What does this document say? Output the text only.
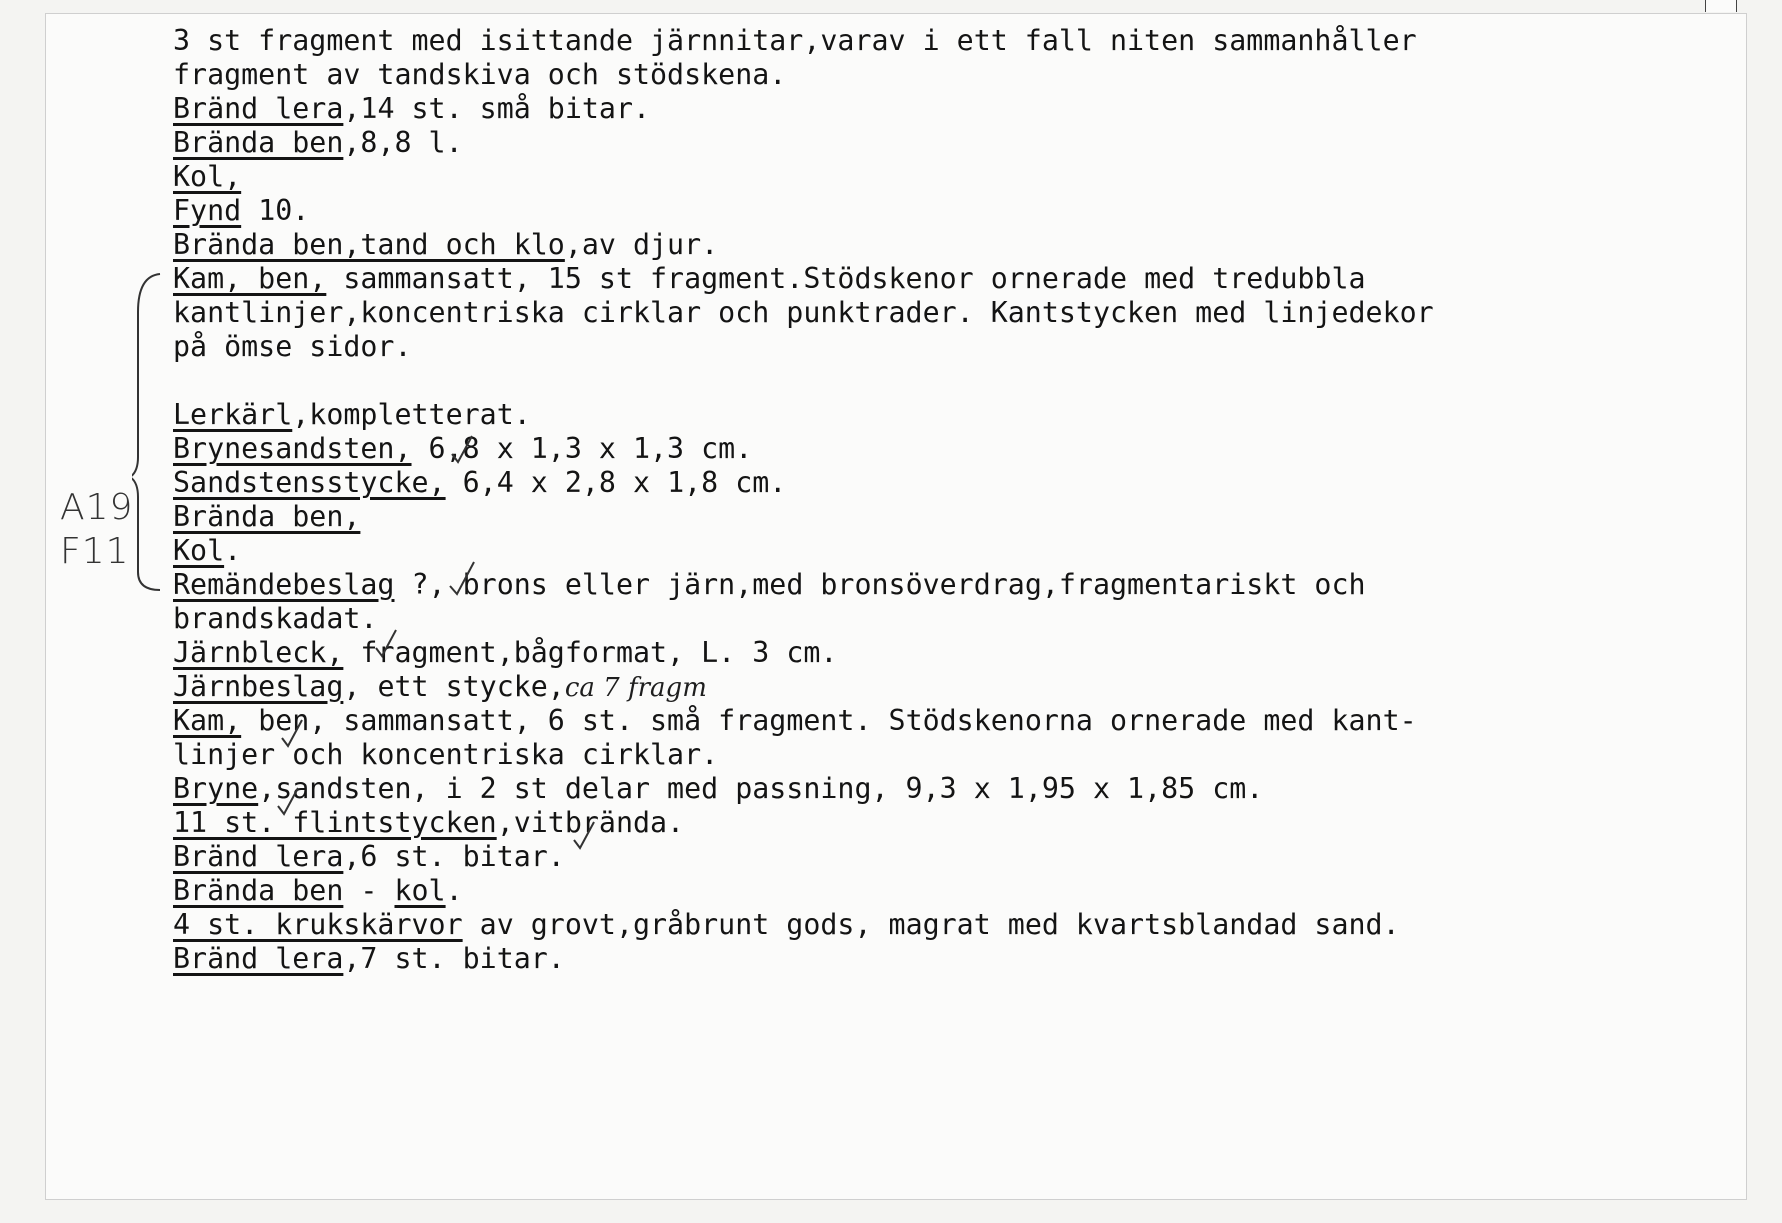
3 st fragment med isittande järnnitar,varav i ett fall niten sammanhåller
fragment av tandskiva och stödskena.
Bränd lera,14 st. små bitar.
Brända ben,8,8 l.
Kol,
Fynd 10.
Brända ben,tand och klo,av djur.
Kam, ben, sammansatt, 15 st fragment.Stödskenor ornerade med tredubbla
kantlinjer,koncentriska cirklar och punktrader. Kantstycken med linjedekor
på ömse sidor.
Lerkärl,kompletterat.
Brynesandsten, 6,8 x 1,3 x 1,3 cm.
Sandstensstycke, 6,4 x 2,8 x 1,8 cm.
Brända ben,
Kol.
Remändebeslag ?, brons eller järn,med bronsöverdrag,fragmentariskt och
brandskadat.
Järnbleck, fragment,bågformat, L. 3 cm.
Järnbeslag, ett stycke,ca 7 fragm
Kam, ben, sammansatt, 6 st. små fragment. Stödskenorna ornerade med kant-
linjer och koncentriska cirklar.
Bryne,sandsten, i 2 st delar med passning, 9,3 x 1,95 x 1,85 cm.
11 st. flintstycken,vitbrända.
Bränd lera,6 st. bitar.
Brända ben - kol.
4 st. krukskärvor av grovt,gråbrunt gods, magrat med kvartsblandad sand.
Bränd lera,7 st. bitar.
A19
F11
